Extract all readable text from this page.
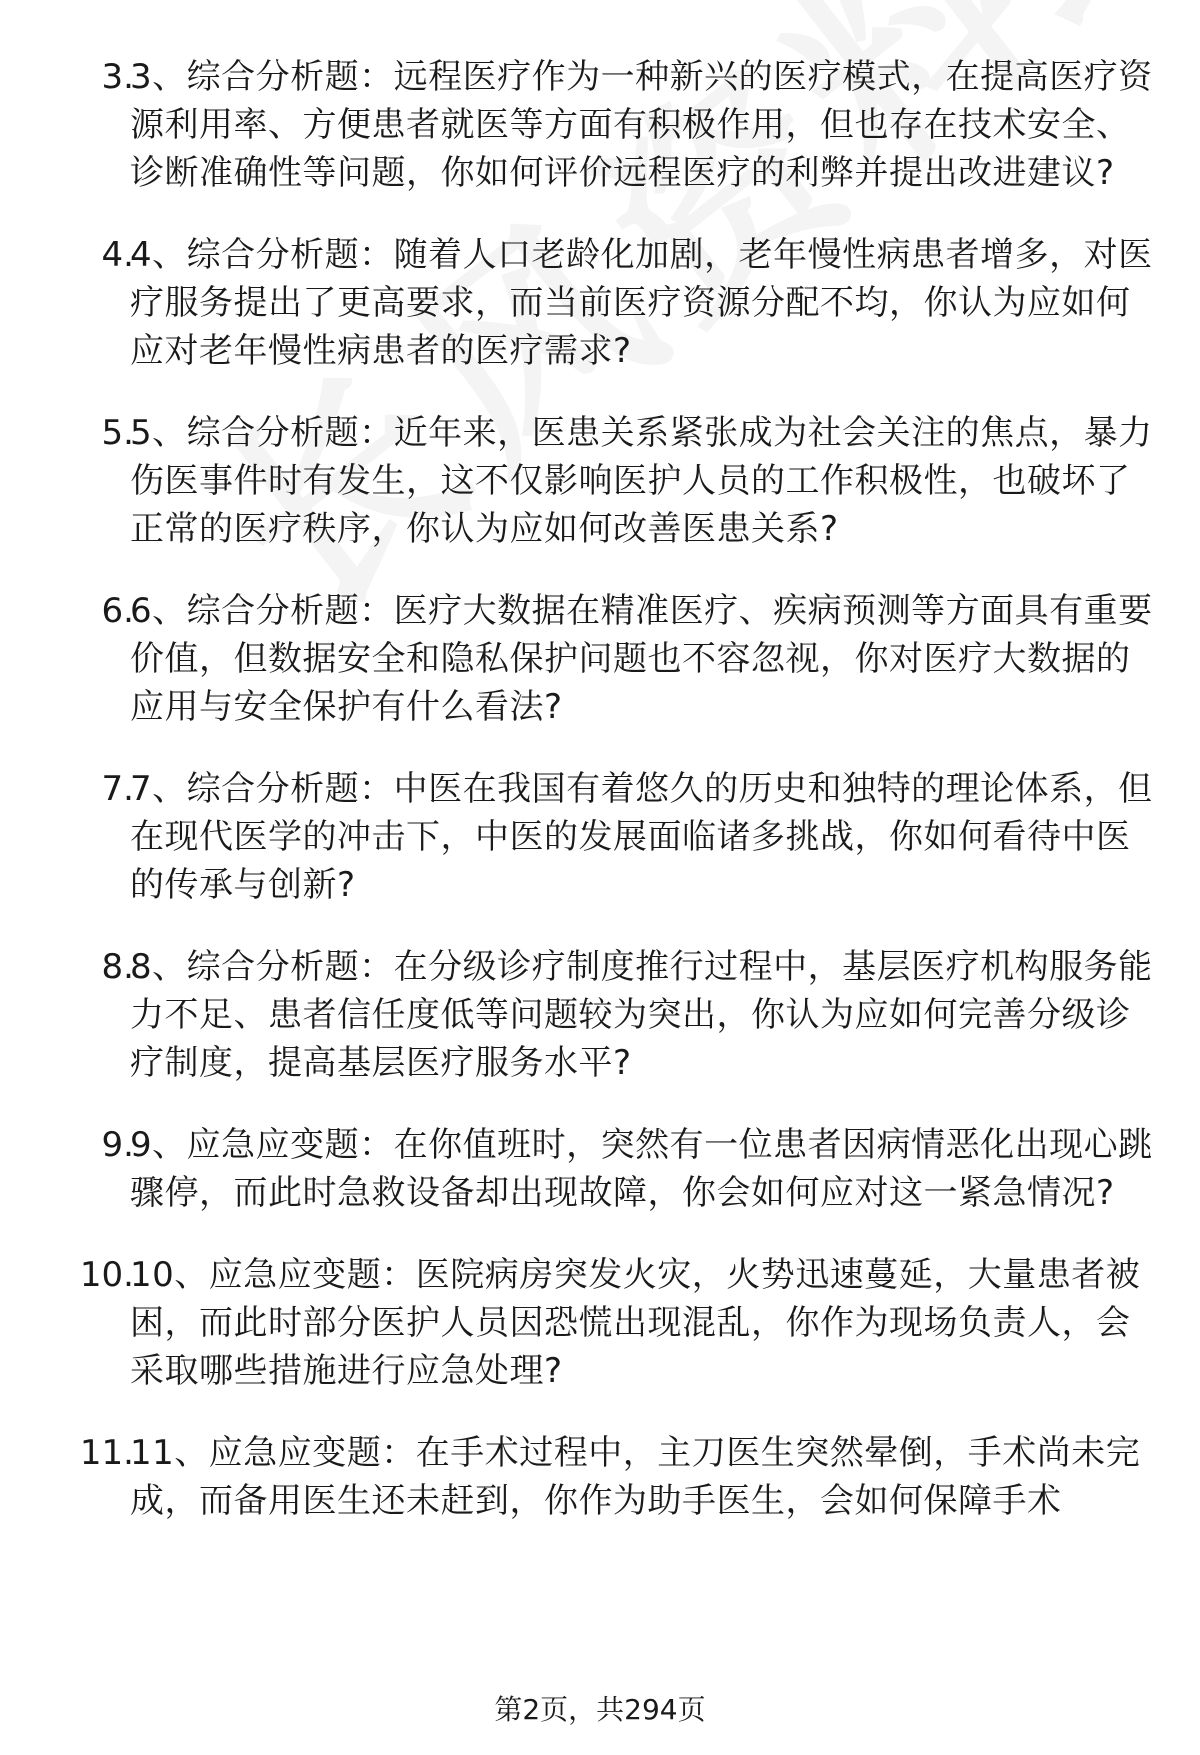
3.
3、综合分析题：远程医疗作为一种新兴的医疗模式，在提高医疗资源利用率、方便患者就医等方面有积极作用，但也存在技术安全、诊断准确性等问题，你如何评价远程医疗的利弊并提出改进建议?
4.
4、综合分析题：随着人口老龄化加剧，老年慢性病患者增多，对医疗服务提出了更高要求，而当前医疗资源分配不均，你认为应如何应对老年慢性病患者的医疗需求?
5.
5、综合分析题：近年来，医患关系紧张成为社会关注的焦点，暴力伤医事件时有发生，这不仅影响医护人员的工作积极性，也破坏了正常的医疗秩序，你认为应如何改善医患关系?
6.
6、综合分析题：医疗大数据在精准医疗、疾病预测等方面具有重要价值，但数据安全和隐私保护问题也不容忽视，你对医疗大数据的应用与安全保护有什么看法?
7.
7、综合分析题：中医在我国有着悠久的历史和独特的理论体系，但在现代医学的冲击下，中医的发展面临诸多挑战，你如何看待中医的传承与创新?
8.
8、综合分析题：在分级诊疗制度推行过程中，基层医疗机构服务能力不足、患者信任度低等问题较为突出，你认为应如何完善分级诊疗制度，提高基层医疗服务水平?
9.
9、应急应变题：在你值班时，突然有一位患者因病情恶化出现心跳骤停，而此时急救设备却出现故障，你会如何应对这一紧急情况?
10.
10、应急应变题：医院病房突发火灾，火势迅速蔓延，大量患者被困，而此时部分医护人员因恐慌出现混乱，你作为现场负责人，会采取哪些措施进行应急处理?
11.
11、应急应变题：在手术过程中，主刀医生突然晕倒，手术尚未完成，而备用医生还未赶到，你作为助手医生，会如何保障手术
第2页，共294页
